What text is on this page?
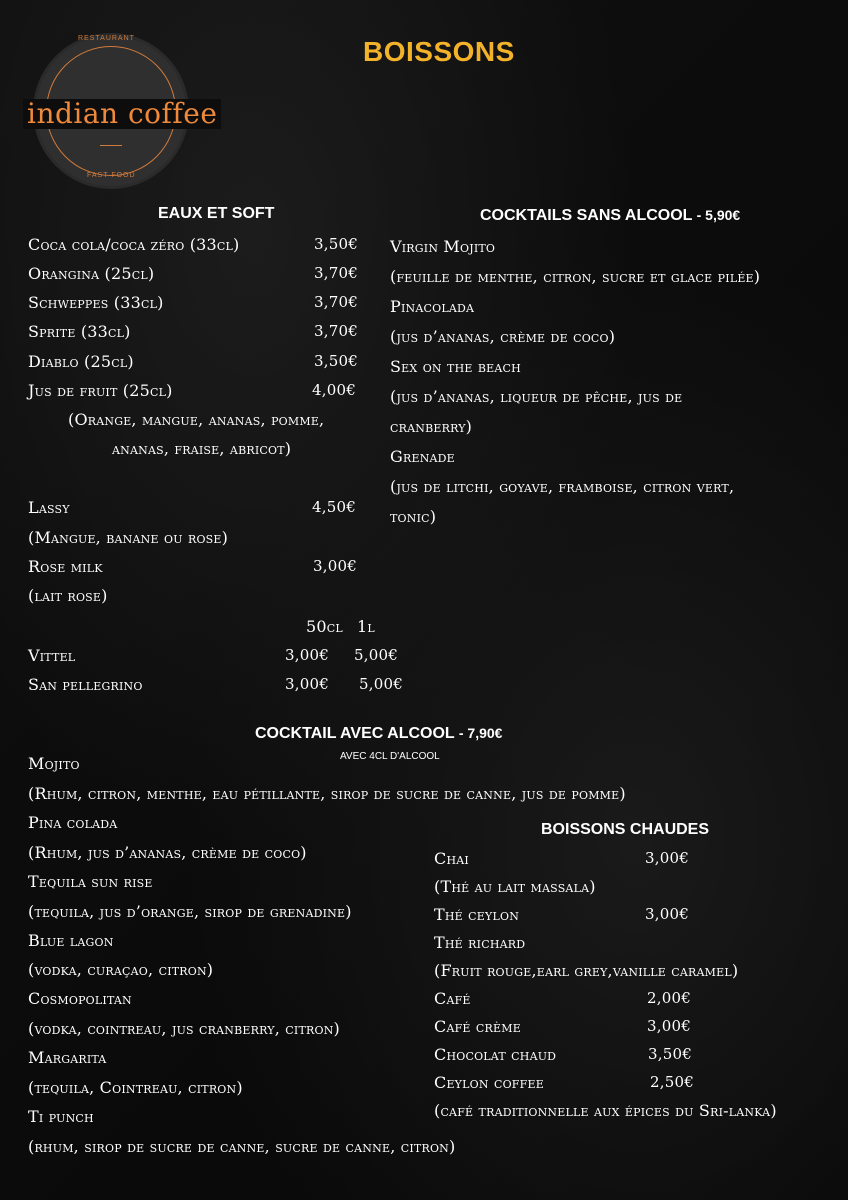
RESTAURANT
indian coffee
FAST FOOD
BOISSONS
EAUX ET SOFT
Coca cola/coca zéro (33cl)	3,50€
Orangina (25cl)	3,70€
Schweppes (33cl)	3,70€
Sprite (33cl)	3,70€
Diablo (25cl)	3,50€
Jus de fruit (25cl)	4,00€
(Orange, mangue, ananas, pomme,
ananas, fraise, abricot)
Lassy	4,50€
(Mangue, banane ou rose)
Rose milk	3,00€
(lait rose)
50cl 1l
Vittel	3,00€ 5,00€
San pellegrino	3,00€ 5,00€
COCKTAILS SANS ALCOOL - 5,90€
Virgin Mojito
(feuille de menthe, citron, sucre et glace pilée)
Pinacolada
(jus d’ananas, crème de coco)
Sex on the beach
(jus d’ananas, liqueur de pêche, jus de
cranberry)
Grenade
(jus de litchi, goyave, framboise, citron vert,
tonic)
COCKTAIL AVEC ALCOOL - 7,90€
AVEC 4CL D'ALCOOL
Mojito
(Rhum, citron, menthe, eau pétillante, sirop de sucre de canne, jus de pomme)
Pina colada
(Rhum, jus d’ananas, crème de coco)
Tequila sun rise
(tequila, jus d’orange, sirop de grenadine)
Blue lagon
(vodka, curaçao, citron)
Cosmopolitan
(vodka, cointreau, jus cranberry, citron)
Margarita
(tequila, Cointreau, citron)
Ti punch
(rhum, sirop de sucre de canne, sucre de canne, citron)
BOISSONS CHAUDES
Chai	3,00€
(Thé au lait massala)
Thé ceylon	3,00€
Thé richard
(Fruit rouge,earl grey,vanille caramel)
Café	2,00€
Café crème	3,00€
Chocolat chaud	3,50€
Ceylon coffee	2,50€
(café traditionnelle aux épices du Sri-lanka)
